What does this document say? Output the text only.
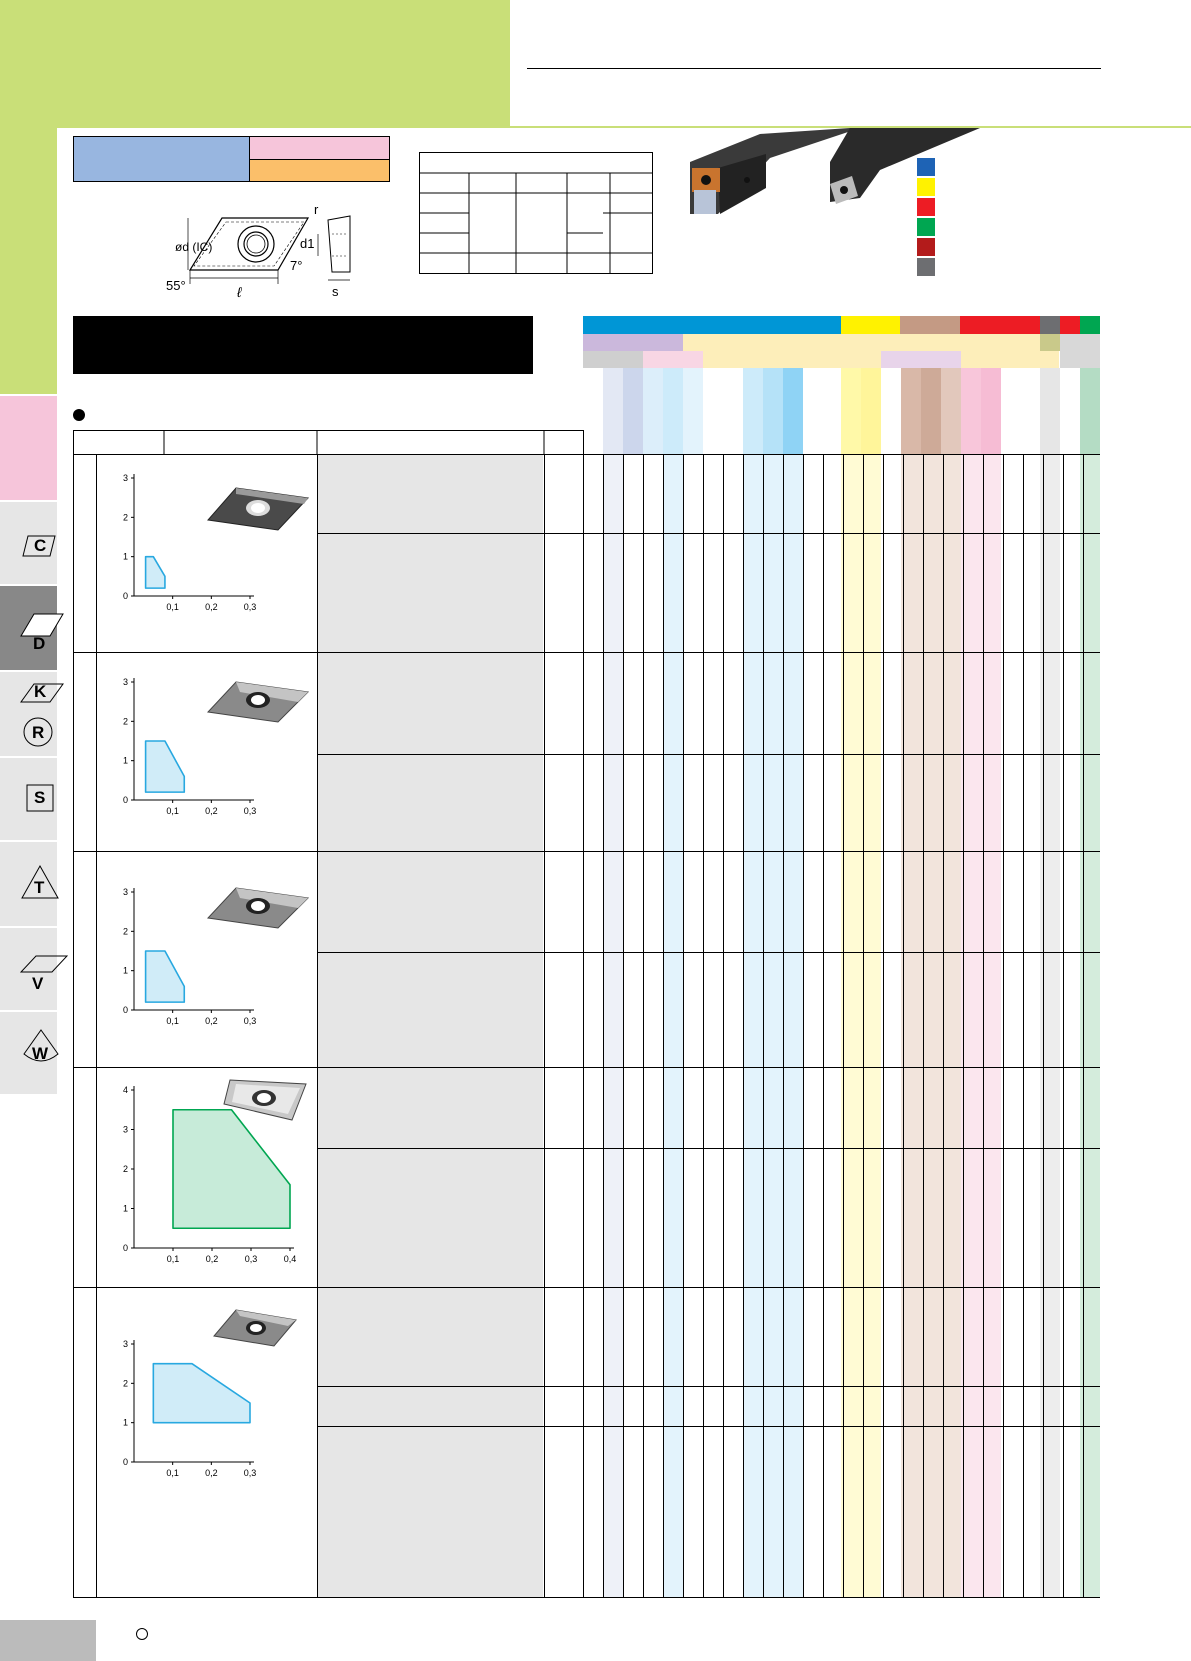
C
D
K
R
S
T
V
W
ød (IC)
r
d1
7°
55°	ℓ	s
0
1
2
3
0,1	0,2	0,3
0
1
2
3
0,1	0,2	0,3
0
1
2
3
0,1	0,2	0,3
0
1
2
3
4
0,1	0,2	0,3	0,4
0
1
2
3
0,1	0,2	0,3
